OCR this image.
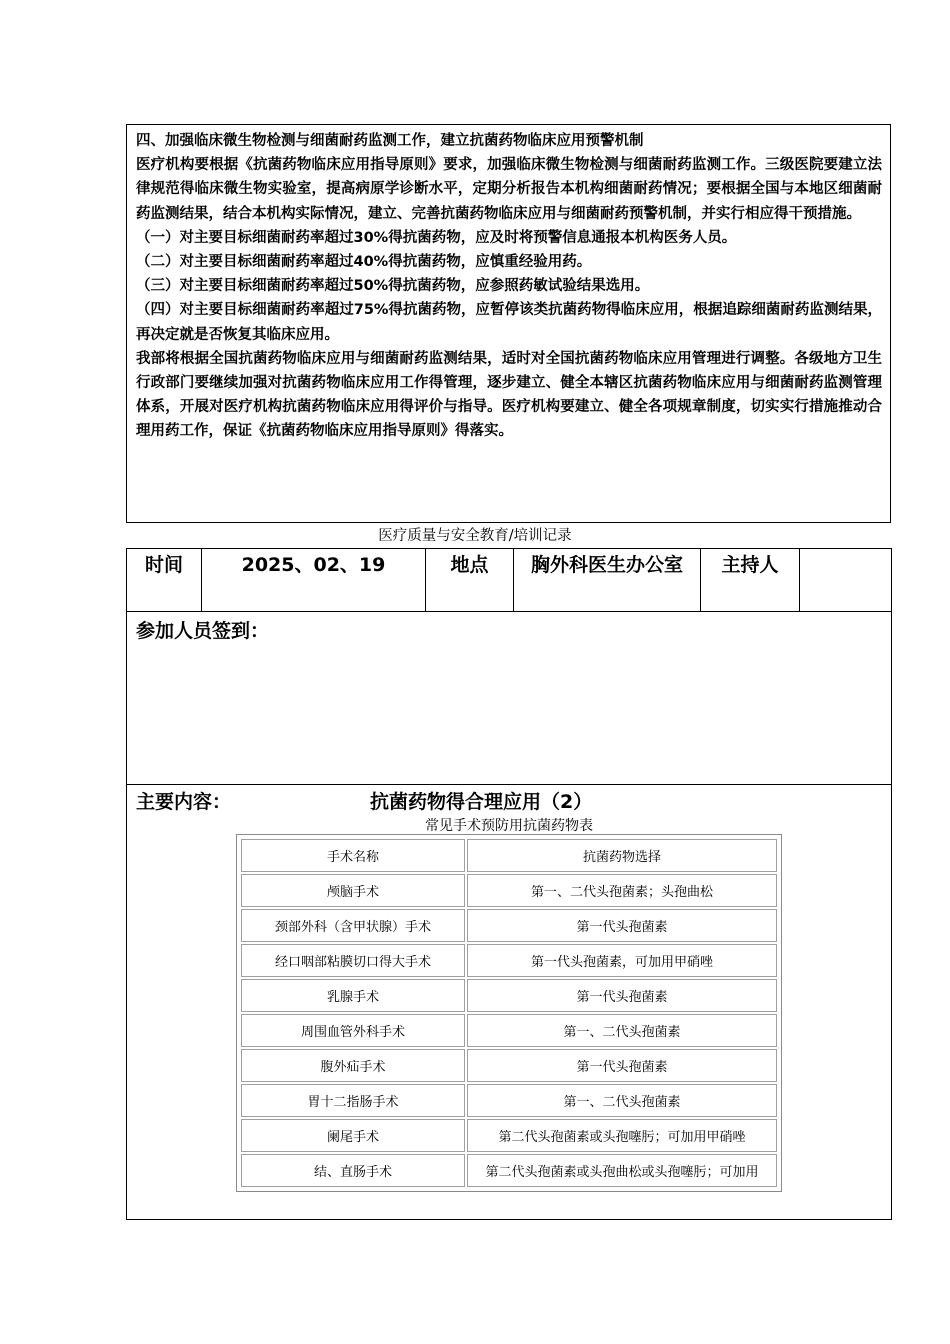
四、加强临床微生物检测与细菌耐药监测工作，建立抗菌药物临床应用预警机制

医疗机构要根据《抗菌药物临床应用指导原则》要求，加强临床微生物检测与细菌耐药监测工作。三级医院要建立法律规范得临床微生物实验室，提高病原学诊断水平，定期分析报告本机构细菌耐药情况；要根据全国与本地区细菌耐药监测结果，结合本机构实际情况，建立、完善抗菌药物临床应用与细菌耐药预警机制，并实行相应得干预措施。

（一）对主要目标细菌耐药率超过30%得抗菌药物，应及时将预警信息通报本机构医务人员。

（二）对主要目标细菌耐药率超过40%得抗菌药物，应慎重经验用药。

（三）对主要目标细菌耐药率超过50%得抗菌药物，应参照药敏试验结果选用。

（四）对主要目标细菌耐药率超过75%得抗菌药物，应暂停该类抗菌药物得临床应用，根据追踪细菌耐药监测结果，再决定就是否恢复其临床应用。

我部将根据全国抗菌药物临床应用与细菌耐药监测结果，适时对全国抗菌药物临床应用管理进行调整。各级地方卫生行政部门要继续加强对抗菌药物临床应用工作得管理，逐步建立、健全本辖区抗菌药物临床应用与细菌耐药监测管理体系，开展对医疗机构抗菌药物临床应用得评价与指导。医疗机构要建立、健全各项规章制度，切实实行措施推动合理用药工作，保证《抗菌药物临床应用指导原则》得落实。

医疗质量与安全教育/培训记录
时间	2025、02、19	地点	胸外科医生办公室	主持人
参加人员签到：
主要内容：	抗菌药物得合理应用（2）
常见手术预防用抗菌药物表
手术名称	抗菌药物选择
颅脑手术	第一、二代头孢菌素；头孢曲松
颈部外科（含甲状腺）手术	第一代头孢菌素
经口咽部粘膜切口得大手术	第一代头孢菌素，可加用甲硝唑
乳腺手术	第一代头孢菌素
周围血管外科手术	第一、二代头孢菌素
腹外疝手术	第一代头孢菌素
胃十二指肠手术	第一、二代头孢菌素
阑尾手术	第二代头孢菌素或头孢噻肟；可加用甲硝唑
结、直肠手术	第二代头孢菌素或头孢曲松或头孢噻肟；可加用
